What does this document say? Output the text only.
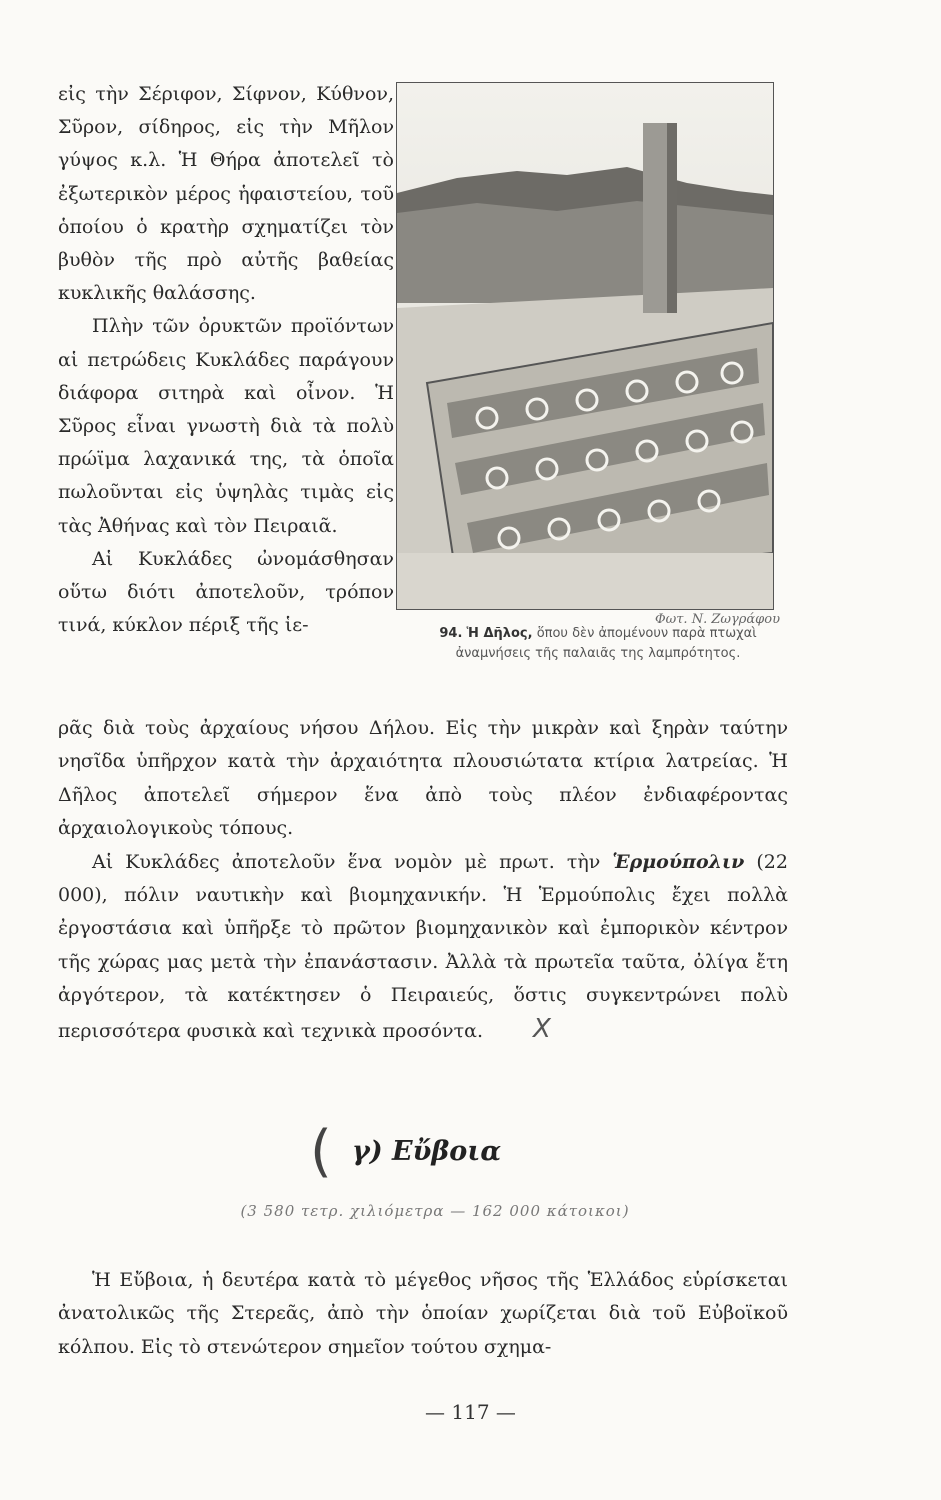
εἰς τὴν Σέριφον, Σίφνον, Κύθνον, Σῦρον, σίδηρος, εἰς τὴν Μῆλον γύψος κ.λ. Ἡ Θήρα ἀποτελεῖ τὸ ἐξωτερικὸν μέρος ἡφαιστείου, τοῦ ὁποίου ὁ κρατὴρ σχηματίζει τὸν βυθὸν τῆς πρὸ αὐτῆς βαθείας κυκλικῆς θαλάσσης.

Πλὴν τῶν ὀρυκτῶν προϊόντων αἱ πετρώδεις Κυκλάδες παράγουν διάφορα σιτηρὰ καὶ οἶνον. Ἡ Σῦρος εἶναι γνωστὴ διὰ τὰ πολὺ πρώϊμα λαχανικά της, τὰ ὁποῖα πωλοῦνται εἰς ὑψηλὰς τιμὰς εἰς τὰς Ἀθήνας καὶ τὸν Πειραιᾶ.

Αἱ Κυκλάδες ὠνομάσθησαν οὕτω διότι ἀποτελοῦν, τρόπον τινά, κύκλον πέριξ τῆς ἱε-	Φωτ. Ν. Ζωγράφου
94. Ἡ Δῆλος, ὅπου δὲν ἀπομένουν παρὰ πτωχαὶ ἀναμνήσεις τῆς παλαιᾶς της λαμπρότητος.

ρᾶς διὰ τοὺς ἀρχαίους νήσου Δήλου. Εἰς τὴν μικρὰν καὶ ξηρὰν ταύτην νησῖδα ὑπῆρχον κατὰ τὴν ἀρχαιότητα πλουσιώτατα κτίρια λατρείας. Ἡ Δῆλος ἀποτελεῖ σήμερον ἕνα ἀπὸ τοὺς πλέον ἐνδιαφέροντας ἀρχαιολογικοὺς τόπους.

Αἱ Κυκλάδες ἀποτελοῦν ἕνα νομὸν μὲ πρωτ. τὴν Ἑρμούπολιν (22 000), πόλιν ναυτικὴν καὶ βιομηχανικήν. Ἡ Ἑρμούπολις ἔχει πολλὰ ἐργοστάσια καὶ ὑπῆρξε τὸ πρῶτον βιομηχανικὸν καὶ ἐμπορικὸν κέντρον τῆς χώρας μας μετὰ τὴν ἐπανάστασιν. Ἀλλὰ τὰ πρωτεῖα ταῦτα, ὀλίγα ἔτη ἀργότερον, τὰ κατέκτησεν ὁ Πειραιεύς, ὅστις συγκεντρώνει πολὺ περισσότερα φυσικὰ καὶ τεχνικὰ προσόντα. X

( γ) Εὔβοια
(3 580 τετρ. χιλιόμετρα — 162 000 κάτοικοι)

Ἡ Εὔβοια, ἡ δευτέρα κατὰ τὸ μέγεθος νῆσος τῆς Ἑλλάδος εὑρίσκεται ἀνατολικῶς τῆς Στερεᾶς, ἀπὸ τὴν ὁποίαν χωρίζεται διὰ τοῦ Εὐβοϊκοῦ κόλπου. Εἰς τὸ στενώτερον σημεῖον τούτου σχημα-

— 117 —
